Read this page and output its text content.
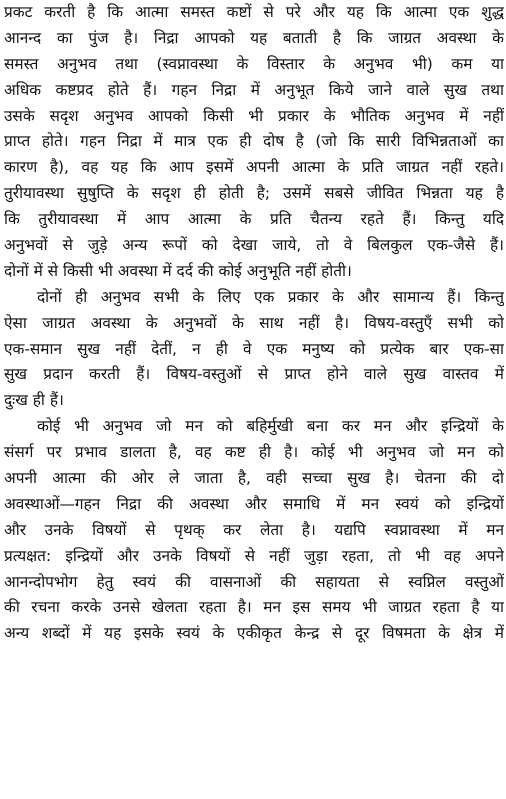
प्रकट करती है कि आत्मा समस्त कष्टों से परे और यह कि आत्मा एक शुद्ध
आनन्द का पुंज है। निद्रा आपको यह बताती है कि जाग्रत अवस्था के
समस्त अनुभव तथा (स्वप्नावस्था के विस्तार के अनुभव भी) कम या
अधिक कष्टप्रद होते हैं। गहन निद्रा में अनुभूत किये जाने वाले सुख तथा
उसके सदृश अनुभव आपको किसी भी प्रकार के भौतिक अनुभव में नहीं
प्राप्त होते। गहन निद्रा में मात्र एक ही दोष है (जो कि सारी विभिन्नताओं का
कारण है), वह यह कि आप इसमें अपनी आत्मा के प्रति जाग्रत नहीं रहते।
तुरीयावस्था सुषुप्ति के सदृश ही होती है; उसमें सबसे जीवित भिन्नता यह है
कि तुरीयावस्था में आप आत्मा के प्रति चैतन्य रहते हैं। किन्तु यदि
अनुभवों से जुड़े अन्य रूपों को देखा जाये, तो वे बिलकुल एक-जैसे हैं।
दोनों में से किसी भी अवस्था में दर्द की कोई अनुभूति नहीं होती।
दोनों ही अनुभव सभी के लिए एक प्रकार के और सामान्य हैं। किन्तु
ऐसा जाग्रत अवस्था के अनुभवों के साथ नहीं है। विषय-वस्तुएँ सभी को
एक-समान सुख नहीं देतीं, न ही वे एक मनुष्य को प्रत्येक बार एक-सा
सुख प्रदान करती हैं। विषय-वस्तुओं से प्राप्त होने वाले सुख वास्तव में
दुःख ही हैं।
कोई भी अनुभव जो मन को बहिर्मुखी बना कर मन और इन्द्रियों के
संसर्ग पर प्रभाव डालता है, वह कष्ट ही है। कोई भी अनुभव जो मन को
अपनी आत्मा की ओर ले जाता है, वही सच्चा सुख है। चेतना की दो
अवस्थाओं—गहन निद्रा की अवस्था और समाधि में मन स्वयं को इन्द्रियों
और उनके विषयों से पृथक् कर लेता है। यद्यपि स्वप्नावस्था में मन
प्रत्यक्षत: इन्द्रियों और उनके विषयों से नहीं जुड़ा रहता, तो भी वह अपने
आनन्दोपभोग हेतु स्वयं की वासनाओं की सहायता से स्वप्निल वस्तुओं
की रचना करके उनसे खेलता रहता है। मन इस समय भी जाग्रत रहता है या
अन्य शब्दों में यह इसके स्वयं के एकीकृत केन्द्र से दूर विषमता के क्षेत्र में
